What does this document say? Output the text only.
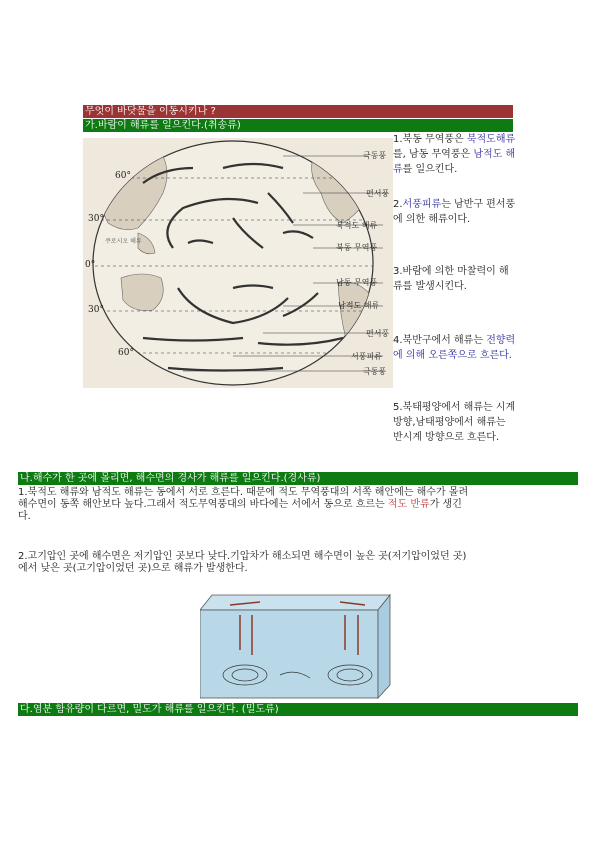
무엇이 바닷물을 이동시키나 ?
가.바람이 해류를 일으킨다.(취송류)
60°
30°
0°
30°
60°
극동풍
편서풍
북적도 해류
북동 무역풍
남동 무역풍
남적도 해류
편서풍
서풍피류
극동풍
쿠로시오 해류
1.북동 무역풍은 북적도해류를, 남동 무역풍은 남적도 해류를 일으킨다.
2.서풍피류는 남반구 편서풍에 의한 해류이다.
3.바람에 의한 마찰력이 해류를 발생시킨다.
4.북반구에서 해류는 전향력에 의해 오른쪽으로 흐른다.
5.북태평양에서 해류는 시계방향,남태평양에서 해류는 반시계 방향으로 흐른다.
나.해수가 한 곳에 몰리면, 해수면의 경사가 해류를 일으킨다.(경사류)
1.북적도 해류와 남적도 해류는 동에서 서로 흐른다. 때문에 적도 무역풍대의 서쪽 해안에는 해수가 몰려
해수면이 동쪽 해안보다 높다.그래서 적도무역풍대의 바다에는 서에서 동으로 흐르는 적도 반류가 생긴
다.
2.고기압인 곳에 해수면은 저기압인 곳보다 낮다.기압차가 해소되면 해수면이 높은 곳(저기압이었던 곳)
에서 낮은 곳(고기압이었던 곳)으로 해류가 발생한다.
다.염분 함유량이 다르면, 밀도가 해류를 일으킨다. (밀도류)
